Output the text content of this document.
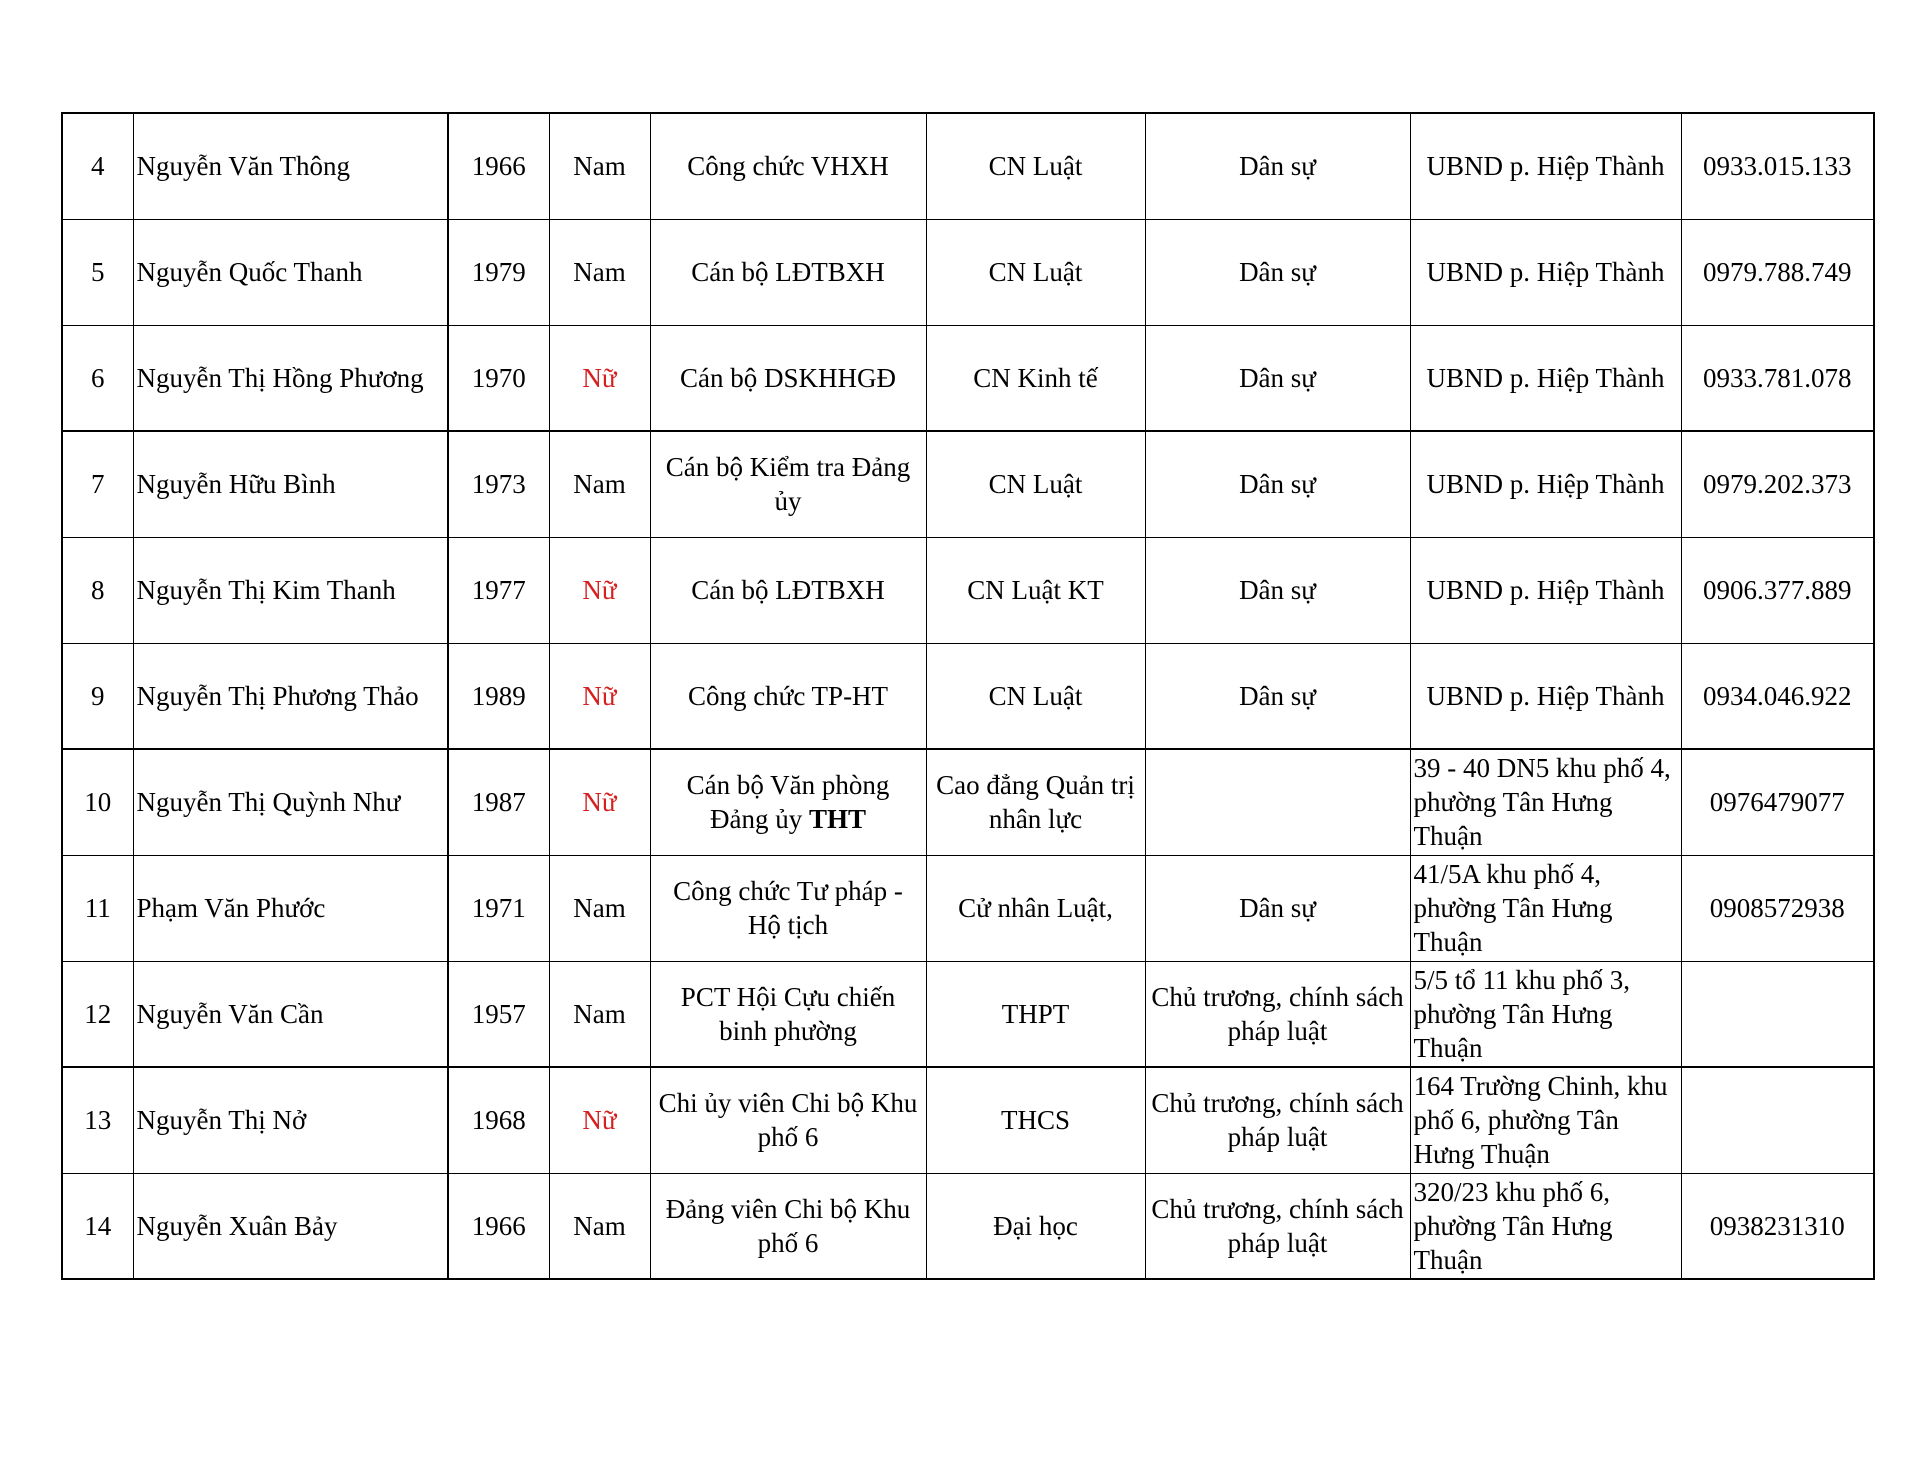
4	Nguyễn Văn Thông	1966	Nam	Công chức VHXH	CN Luật	Dân sự	UBND p. Hiệp Thành	0933.015.133
5	Nguyễn Quốc Thanh	1979	Nam	Cán bộ LĐTBXH	CN Luật	Dân sự	UBND p. Hiệp Thành	0979.788.749
6	Nguyễn Thị Hồng Phương	1970	Nữ	Cán bộ DSKHHGĐ	CN Kinh tế	Dân sự	UBND p. Hiệp Thành	0933.781.078
7	Nguyễn Hữu Bình	1973	Nam	Cán bộ Kiểm tra Đảng ủy	CN Luật	Dân sự	UBND p. Hiệp Thành	0979.202.373
8	Nguyễn Thị Kim Thanh	1977	Nữ	Cán bộ LĐTBXH	CN Luật KT	Dân sự	UBND p. Hiệp Thành	0906.377.889
9	Nguyễn Thị Phương Thảo	1989	Nữ	Công chức TP-HT	CN Luật	Dân sự	UBND p. Hiệp Thành	0934.046.922
10	Nguyễn Thị Quỳnh Như	1987	Nữ	Cán bộ Văn phòng Đảng ủy THT	Cao đẳng Quản trị nhân lực		39 - 40 DN5 khu phố 4, phường Tân Hưng Thuận	0976479077
11	Phạm Văn Phước	1971	Nam	Công chức Tư pháp - Hộ tịch	Cử nhân Luật,	Dân sự	41/5A khu phố 4, phường Tân Hưng Thuận	0908572938
12	Nguyễn Văn Cần	1957	Nam	PCT Hội Cựu chiến binh phường	THPT	Chủ trương, chính sách pháp luật	5/5 tổ 11 khu phố 3, phường Tân Hưng Thuận	
13	Nguyễn Thị Nở	1968	Nữ	Chi ủy viên Chi bộ Khu phố 6	THCS	Chủ trương, chính sách pháp luật	164 Trường Chinh, khu phố 6, phường Tân Hưng Thuận	
14	Nguyễn Xuân Bảy	1966	Nam	Đảng viên Chi bộ Khu phố 6	Đại học	Chủ trương, chính sách pháp luật	320/23 khu phố 6, phường Tân Hưng Thuận	0938231310
